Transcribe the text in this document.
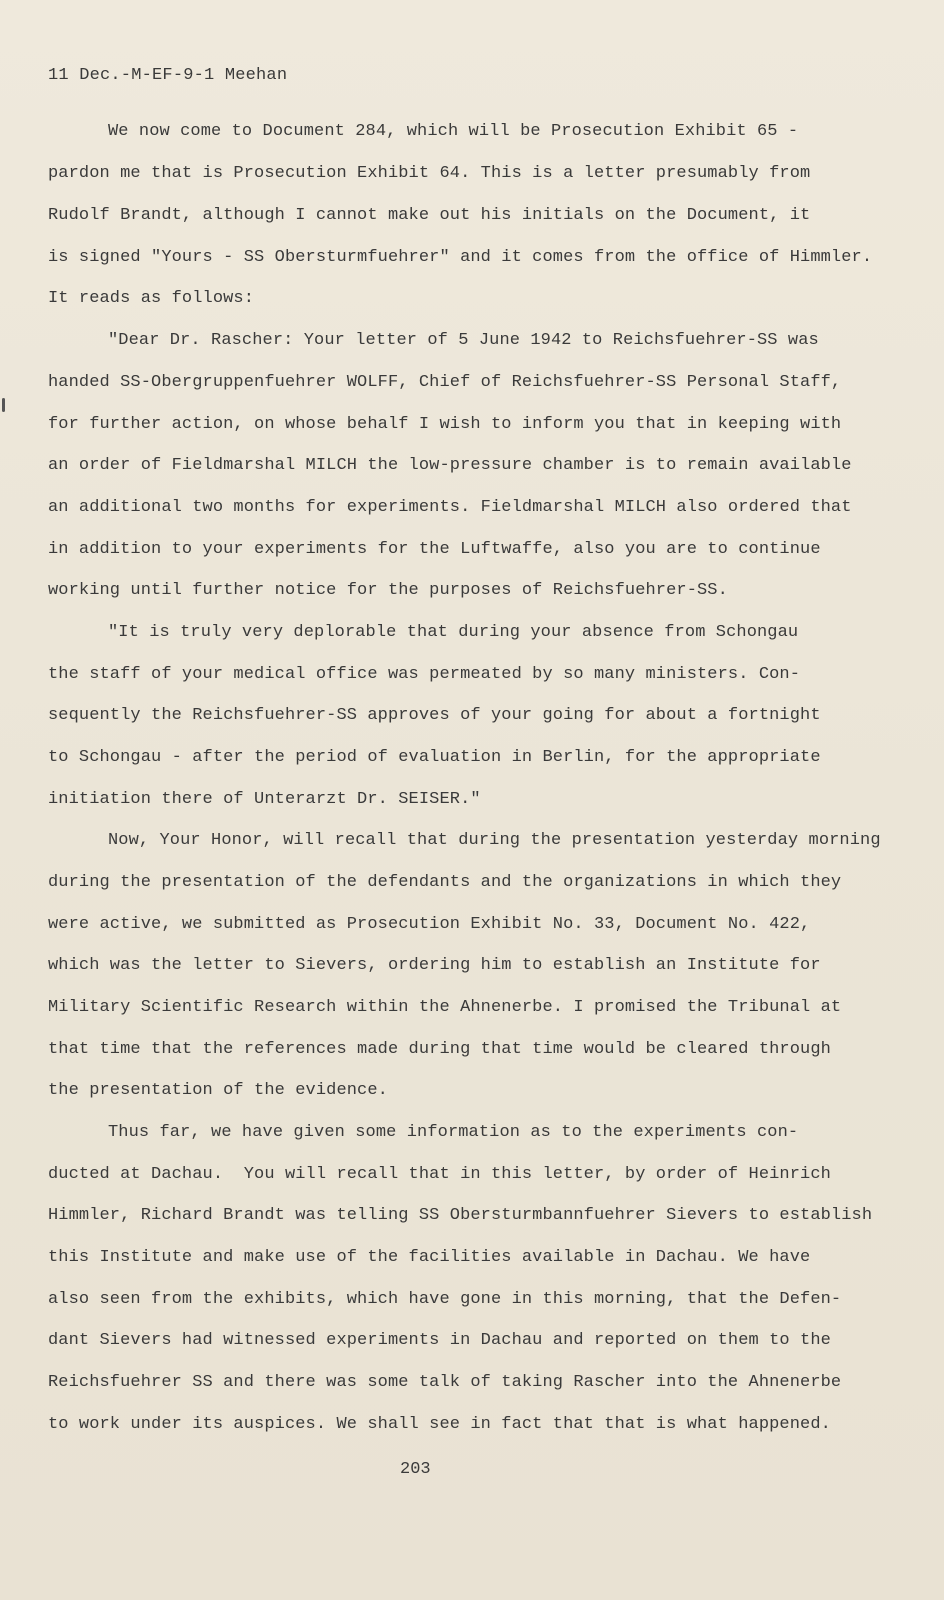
11 Dec.-M-EF-9-1 Meehan
We now come to Document 284, which will be Prosecution Exhibit 65 -
pardon me that is Prosecution Exhibit 64. This is a letter presumably from
Rudolf Brandt, although I cannot make out his initials on the Document, it
is signed "Yours - SS Obersturmfuehrer" and it comes from the office of Himmler.
It reads as follows:
"Dear Dr. Rascher: Your letter of 5 June 1942 to Reichsfuehrer-SS was
handed SS-Obergruppenfuehrer WOLFF, Chief of Reichsfuehrer-SS Personal Staff,
for further action, on whose behalf I wish to inform you that in keeping with
an order of Fieldmarshal MILCH the low-pressure chamber is to remain available
an additional two months for experiments. Fieldmarshal MILCH also ordered that
in addition to your experiments for the Luftwaffe, also you are to continue
working until further notice for the purposes of Reichsfuehrer-SS.
"It is truly very deplorable that during your absence from Schongau
the staff of your medical office was permeated by so many ministers. Con-
sequently the Reichsfuehrer-SS approves of your going for about a fortnight
to Schongau - after the period of evaluation in Berlin, for the appropriate
initiation there of Unterarzt Dr. SEISER."
Now, Your Honor, will recall that during the presentation yesterday morning
during the presentation of the defendants and the organizations in which they
were active, we submitted as Prosecution Exhibit No. 33, Document No. 422,
which was the letter to Sievers, ordering him to establish an Institute for
Military Scientific Research within the Ahnenerbe. I promised the Tribunal at
that time that the references made during that time would be cleared through
the presentation of the evidence.
Thus far, we have given some information as to the experiments con-
ducted at Dachau.  You will recall that in this letter, by order of Heinrich
Himmler, Richard Brandt was telling SS Obersturmbannfuehrer Sievers to establish
this Institute and make use of the facilities available in Dachau. We have
also seen from the exhibits, which have gone in this morning, that the Defen-
dant Sievers had witnessed experiments in Dachau and reported on them to the
Reichsfuehrer SS and there was some talk of taking Rascher into the Ahnenerbe
to work under its auspices. We shall see in fact that that is what happened.
203
